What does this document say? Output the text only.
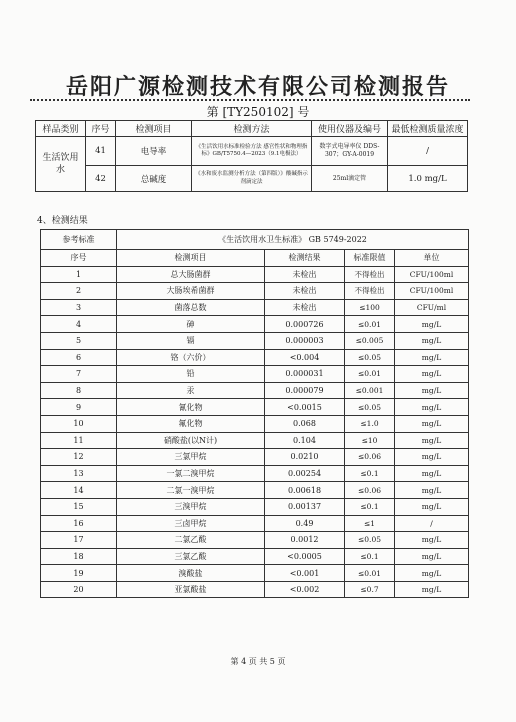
岳阳广源检测技术有限公司检测报告
第 [TY250102] 号
样品类别	序号	检测项目	检测方法	使用仪器及编号	最低检测质量浓度
生活饮用水	41	电导率	《生活饮用水标准检验方法 感官性状和物理指标》GB/T5750.4—2023（9.1电极法）	数字式电导率仪 DDS-307；GY-A-0019	/
	42	总碱度	《水和废水监测分析方法（第四版）》酸碱指示剂滴定法	25ml滴定管	1.0 mg/L
4、检测结果
参考标准	《生活饮用水卫生标准》 GB 5749-2022			
序号	检测项目	检测结果	标准限值	单位
1	总大肠菌群	未检出	不得检出	CFU/100ml
2	大肠埃希菌群	未检出	不得检出	CFU/100ml
3	菌落总数	未检出	≤100	CFU/ml
4	砷	0.000726	≤0.01	mg/L
5	镉	0.000003	≤0.005	mg/L
6	铬（六价）	<0.004	≤0.05	mg/L
7	铅	0.000031	≤0.01	mg/L
8	汞	0.000079	≤0.001	mg/L
9	氰化物	<0.0015	≤0.05	mg/L
10	氟化物	0.068	≤1.0	mg/L
11	硝酸盐(以N计)	0.104	≤10	mg/L
12	三氯甲烷	0.0210	≤0.06	mg/L
13	一氯二溴甲烷	0.00254	≤0.1	mg/L
14	二氯一溴甲烷	0.00618	≤0.06	mg/L
15	三溴甲烷	0.00137	≤0.1	mg/L
16	三卤甲烷	0.49	≤1	/
17	二氯乙酸	0.0012	≤0.05	mg/L
18	三氯乙酸	<0.0005	≤0.1	mg/L
19	溴酸盐	<0.001	≤0.01	mg/L
20	亚氯酸盐	<0.002	≤0.7	mg/L
第 4 页 共 5 页
